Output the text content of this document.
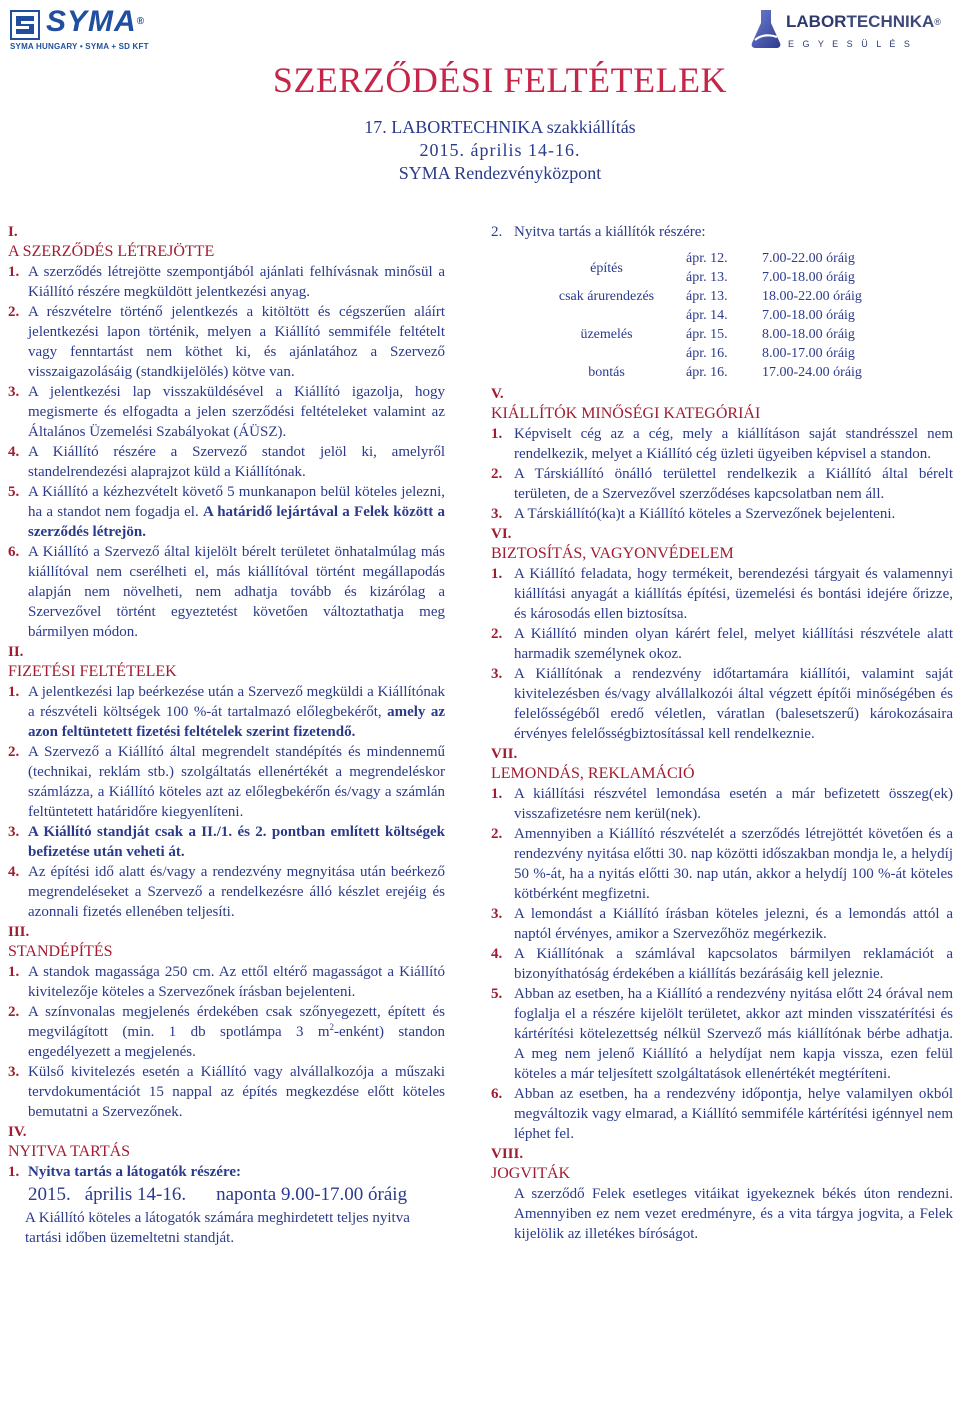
SYMA®
SYMA HUNGARY • SYMA + SD KFT
LABORTECHNIKA®
E G Y E S Ü L É S
SZERZŐDÉSI FELTÉTELEK
17. LABORTECHNIKA szakkiállítás
2015. április 14-16.
SYMA Rendezvényközpont
I.
A SZERZŐDÉS LÉTREJÖTTE
1. A szerződés létrejötte szempontjából ajánlati felhívásnak minősül a Kiállító részére megküldött jelentkezési anyag.
2. A részvételre történő jelentkezés a kitöltött és cégszerűen aláírt jelentkezési lapon történik, melyen a Kiállító semmiféle feltételt vagy fenntartást nem köthet ki, és ajánlatához a Szervező visszaigazolásáig (standkijelölés) kötve van.
3. A jelentkezési lap visszaküldésével a Kiállító igazolja, hogy megismerte és elfogadta a jelen szerződési feltételeket valamint az Általános Üzemelési Szabályokat (ÁÜSZ).
4. A Kiállító részére a Szervező standot jelöl ki, amelyről standelrendezési alaprajzot küld a Kiállítónak.
5. A Kiállító a kézhezvételt követő 5 munkanapon belül köteles jelezni, ha a standot nem fogadja el. A határidő lejártával a Felek között a szerződés létrejön.
6. A Kiállító a Szervező által kijelölt bérelt területet önhatalmúlag más kiállítóval nem cserélheti el, más kiállítóval történt megállapodás alapján nem növelheti, nem adhatja tovább és kizárólag a Szervezővel történt egyeztetést követően változtathatja meg bármilyen módon.
II.
FIZETÉSI FELTÉTELEK
1. A jelentkezési lap beérkezése után a Szervező megküldi a Kiállítónak a részvételi költségek 100 %-át tartalmazó előlegbekérőt, amely az azon feltüntetett fizetési feltételek szerint fizetendő.
2. A Szervező a Kiállító által megrendelt standépítés és mindennemű (technikai, reklám stb.) szolgáltatás ellenértékét a megrendeléskor számlázza, a Kiállító köteles azt az előlegbekérőn és/vagy a számlán feltüntetett határidőre kiegyenlíteni.
3. A Kiállító standját csak a II./1. és 2. pontban említett költségek befizetése után veheti át.
4. Az építési idő alatt és/vagy a rendezvény megnyitása után beérkező megrendeléseket a Szervező a rendelkezésre álló készlet erejéig és azonnali fizetés ellenében teljesíti.
III.
STANDÉPÍTÉS
1. A standok magassága 250 cm. Az ettől eltérő magasságot a Kiállító kivitelezője köteles a Szervezőnek írásban bejelenteni.
2. A színvonalas megjelenés érdekében csak szőnyegezett, épített és megvilágított (min. 1 db spotlámpa 3 $m^2-enként$) standon engedélyezett a megjelenés.
3. Külső kivitelezés esetén a Kiállító vagy alvállalkozója a műszaki tervdokumentációt 15 nappal az építés megkezdése előtt köteles bemutatni a Szervezőnek.
IV.
NYITVA TARTÁS
1. Nyitva tartás a látogatók részére:
2015. április 14-16. naponta 9.00-17.00 óráig
A Kiállító köteles a látogatók számára meghirdetett teljes nyitva tartási időben üzemeltetni standját.
2. Nyitva tartás a kiállítók részére:
építés	ápr. 12.	7.00-22.00 óráig
	ápr. 13.	7.00-18.00 óráig
csak árurendezés	ápr. 13.	18.00-22.00 óráig
üzemelés	ápr. 14.	7.00-18.00 óráig
	ápr. 15.	8.00-18.00 óráig
	ápr. 16.	8.00-17.00 óráig
bontás	ápr. 16.	17.00-24.00 óráig
V.
KIÁLLÍTÓK MINŐSÉGI KATEGÓRIÁI
1. Képviselt cég az a cég, mely a kiállításon saját standrésszel nem rendelkezik, melyet a Kiállító cég üzleti ügyeiben képvisel a standon.
2. A Társkiállító önálló területtel rendelkezik a Kiállító által bérelt területen, de a Szervezővel szerződéses kapcsolatban nem áll.
3. A Társkiállító(ka)t a Kiállító köteles a Szervezőnek bejelenteni.
VI.
BIZTOSÍTÁS, VAGYONVÉDELEM
1. A Kiállító feladata, hogy termékeit, berendezési tárgyait és valamennyi kiállítási anyagát a kiállítás építési, üzemelési és bontási idejére őrizze, és károsodás ellen biztosítsa.
2. A Kiállító minden olyan kárért felel, melyet kiállítási részvétele alatt harmadik személynek okoz.
3. A Kiállítónak a rendezvény időtartamára kiállítói, valamint saját kivitelezésben és/vagy alvállalkozói által végzett építői minőségében és felelősségéből eredő véletlen, váratlan (balesetszerű) károkozásaira érvényes felelősségbiztosítással kell rendelkeznie.
VII.
LEMONDÁS, REKLAMÁCIÓ
1. A kiállítási részvétel lemondása esetén a már befizetett összeg(ek) visszafizetésre nem kerül(nek).
2. Amennyiben a Kiállító részvételét a szerződés létrejöttét követően és a rendezvény nyitása előtti 30. nap közötti időszakban mondja le, a helydíj 50 %-át, ha a nyitás előtti 30. nap után, akkor a helydíj 100 %-át köteles kötbérként megfizetni.
3. A lemondást a Kiállító írásban köteles jelezni, és a lemondás attól a naptól érvényes, amikor a Szervezőhöz megérkezik.
4. A Kiállítónak a számlával kapcsolatos bármilyen reklamációt a bizonyíthatóság érdekében a kiállítás bezárásáig kell jeleznie.
5. Abban az esetben, ha a Kiállító a rendezvény nyitása előtt 24 órával nem foglalja el a részére kijelölt területet, akkor azt minden visszatérítési és kártérítési kötelezettség nélkül Szervező más kiállítónak bérbe adhatja. A meg nem jelenő Kiállító a helydíjat nem kapja vissza, ezen felül köteles a már teljesített szolgáltatások ellenértékét megtéríteni.
6. Abban az esetben, ha a rendezvény időpontja, helye valamilyen okból megváltozik vagy elmarad, a Kiállító semmiféle kártérítési igénnyel nem léphet fel.
VIII.
JOGVITÁK
A szerződő Felek esetleges vitáikat igyekeznek békés úton rendezni. Amennyiben ez nem vezet eredményre, és a vita tárgya jogvita, a Felek kijelölik az illetékes bíróságot.
